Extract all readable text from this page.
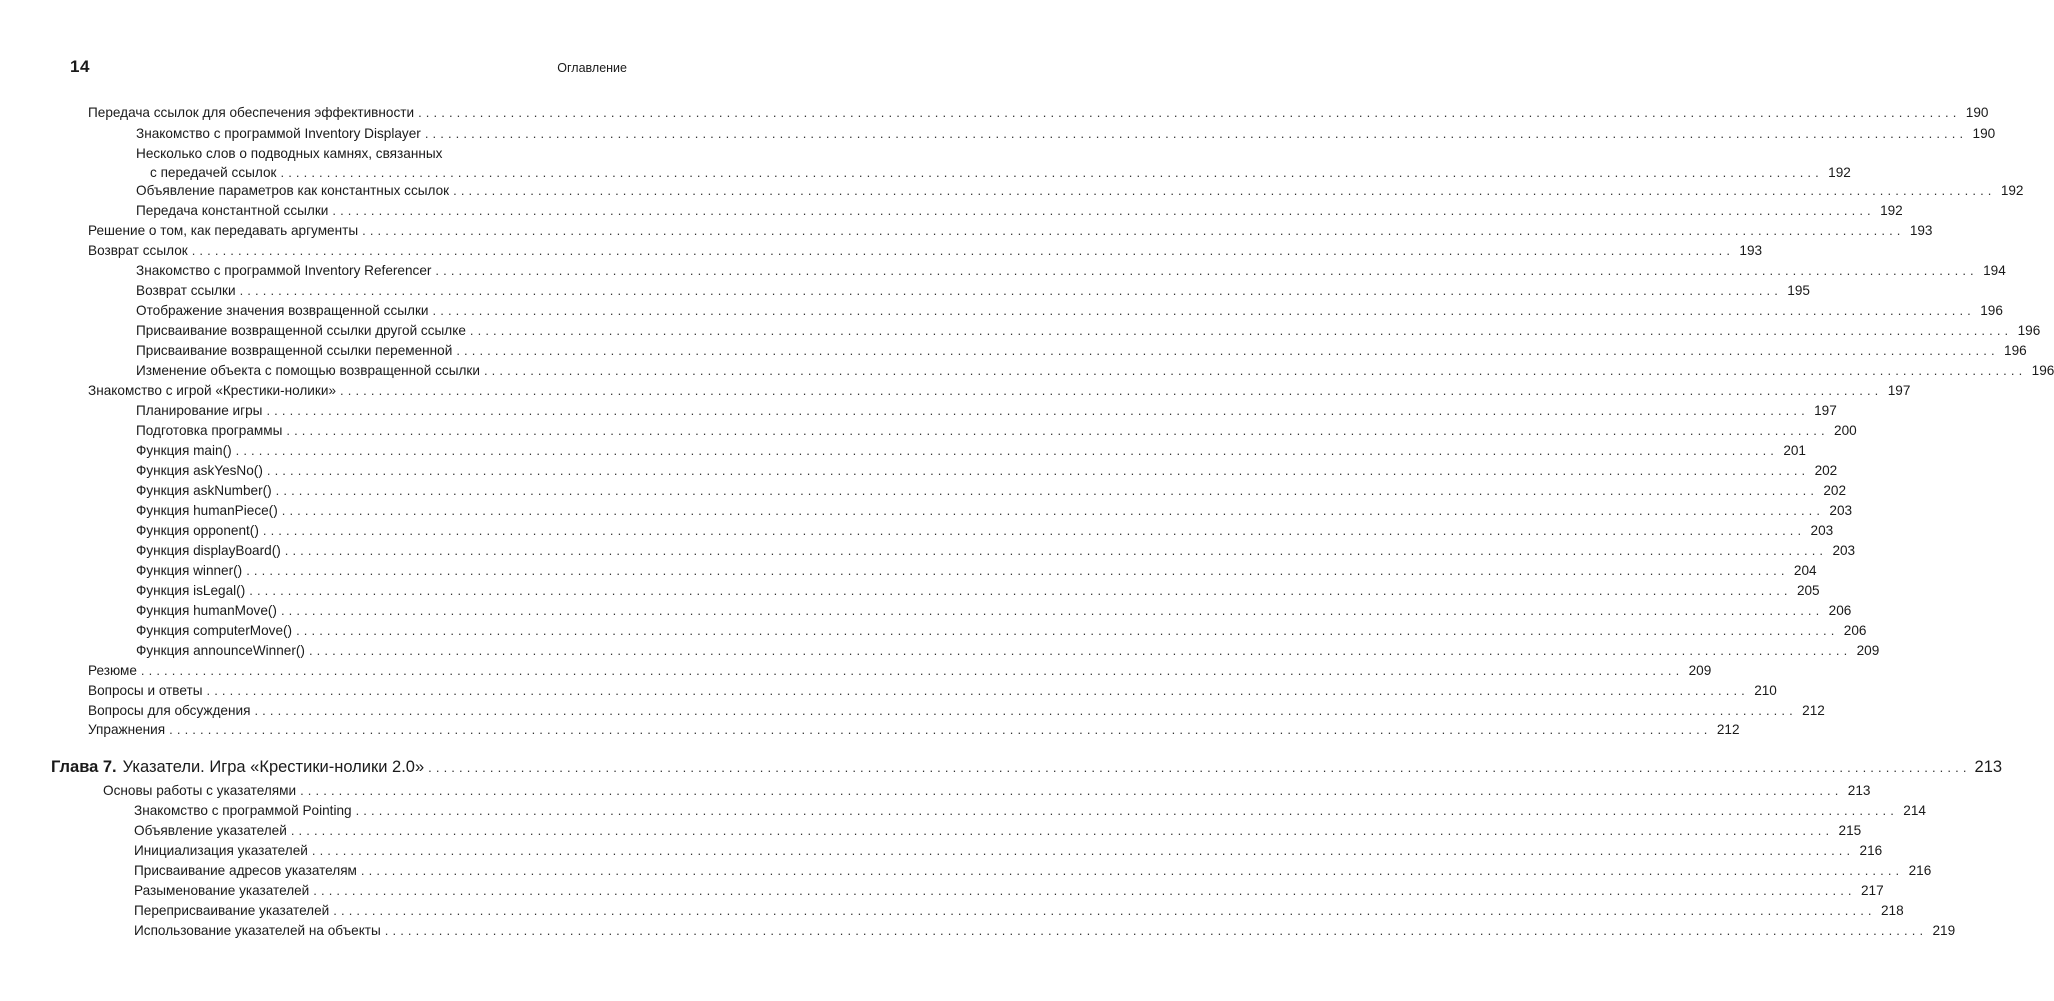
14	Оглавление
Передача ссылок для обеспечения эффективности ........................................................................................................................................................................................................ 190
Знакомство с программой Inventory Displayer ........................................................................................................................................................................................................ 190
Несколько слов о подводных камнях, связанных
с передачей ссылок ........................................................................................................................................................................................................ 192
Объявление параметров как константных ссылок ........................................................................................................................................................................................................ 192
Передача константной ссылки ........................................................................................................................................................................................................ 192
Решение о том, как передавать аргументы ........................................................................................................................................................................................................ 193
Возврат ссылок ........................................................................................................................................................................................................ 193
Знакомство с программой Inventory Referencer ........................................................................................................................................................................................................ 194
Возврат ссылки ........................................................................................................................................................................................................ 195
Отображение значения возвращенной ссылки ........................................................................................................................................................................................................ 196
Присваивание возвращенной ссылки другой ссылке ........................................................................................................................................................................................................ 196
Присваивание возвращенной ссылки переменной ........................................................................................................................................................................................................ 196
Изменение объекта с помощью возвращенной ссылки ........................................................................................................................................................................................................ 196
Знакомство с игрой «Крестики-нолики» ........................................................................................................................................................................................................ 197
Планирование игры ........................................................................................................................................................................................................ 197
Подготовка программы ........................................................................................................................................................................................................ 200
Функция main() ........................................................................................................................................................................................................ 201
Функция askYesNo() ........................................................................................................................................................................................................ 202
Функция askNumber() ........................................................................................................................................................................................................ 202
Функция humanPiece() ........................................................................................................................................................................................................ 203
Функция opponent() ........................................................................................................................................................................................................ 203
Функция displayBoard() ........................................................................................................................................................................................................ 203
Функция winner() ........................................................................................................................................................................................................ 204
Функция isLegal() ........................................................................................................................................................................................................ 205
Функция humanMove() ........................................................................................................................................................................................................ 206
Функция computerMove() ........................................................................................................................................................................................................ 206
Функция announceWinner() ........................................................................................................................................................................................................ 209
Резюме ........................................................................................................................................................................................................ 209
Вопросы и ответы ........................................................................................................................................................................................................ 210
Вопросы для обсуждения ........................................................................................................................................................................................................ 212
Упражнения ........................................................................................................................................................................................................ 212
Глава 7. Указатели. Игра «Крестики-нолики 2.0» ........................................................................................................................................................................................................ 213
Основы работы с указателями ........................................................................................................................................................................................................ 213
Знакомство с программой Pointing ........................................................................................................................................................................................................ 214
Объявление указателей ........................................................................................................................................................................................................ 215
Инициализация указателей ........................................................................................................................................................................................................ 216
Присваивание адресов указателям ........................................................................................................................................................................................................ 216
Разыменование указателей ........................................................................................................................................................................................................ 217
Переприсваивание указателей ........................................................................................................................................................................................................ 218
Использование указателей на объекты ........................................................................................................................................................................................................ 219
